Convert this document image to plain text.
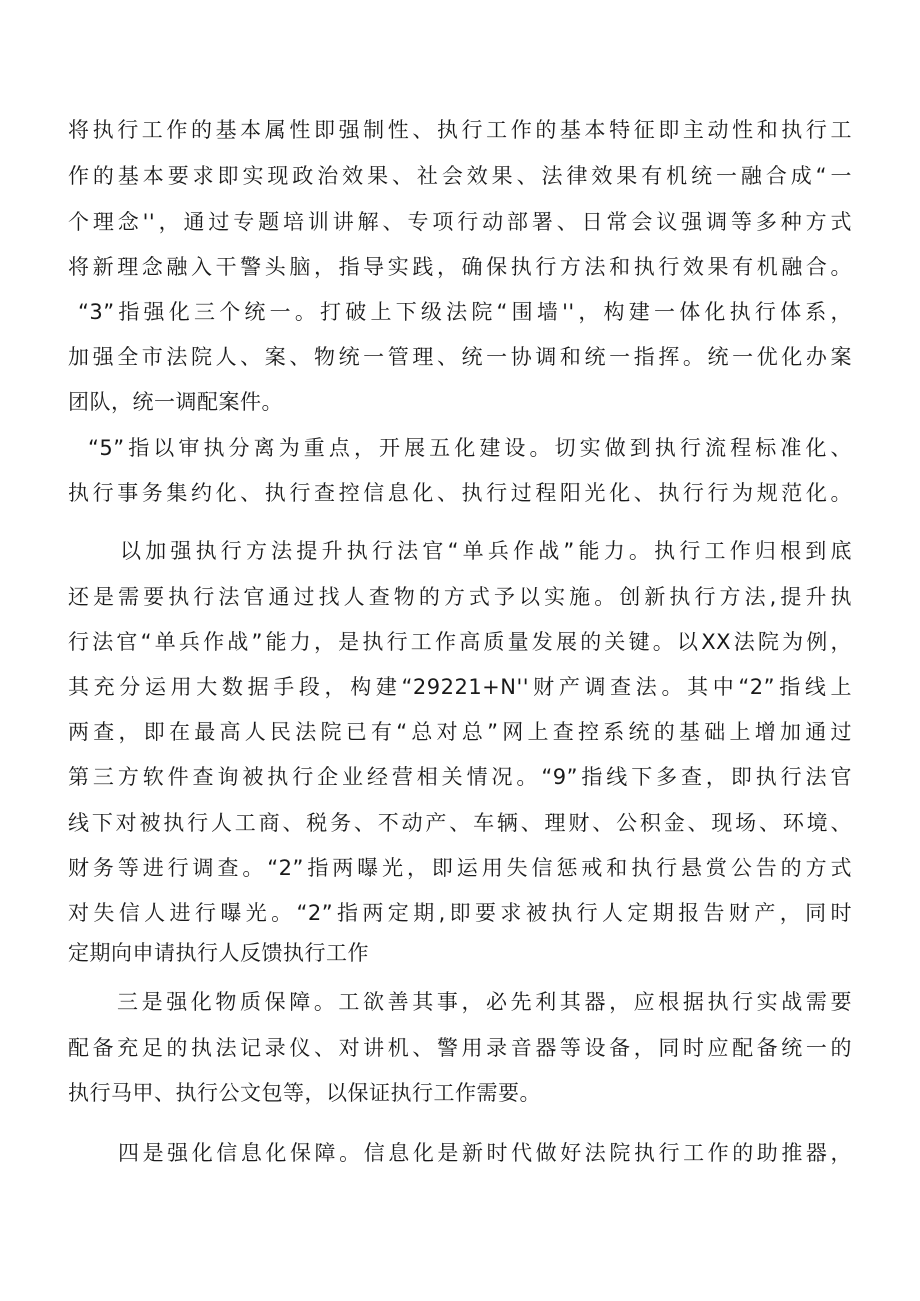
将执行工作的基本属性即强制性、执行工作的基本特征即主动性和执行工
作的基本要求即实现政治效果、社会效果、法律效果有机统一融合成“一
个理念''，通过专题培训讲解、专项行动部署、日常会议强调等多种方式
将新理念融入干警头脑，指导实践，确保执行方法和执行效果有机融合。
“3”指强化三个统一。打破上下级法院“围墙''，构建一体化执行体系，
加强全市法院人、案、物统一管理、统一协调和统一指挥。统一优化办案
团队，统一调配案件。
“5”指以审执分离为重点，开展五化建设。切实做到执行流程标准化、
执行事务集约化、执行查控信息化、执行过程阳光化、执行行为规范化。
以加强执行方法提升执行法官“单兵作战”能力。执行工作归根到底
还是需要执行法官通过找人查物的方式予以实施。创新执行方法,提升执
行法官“单兵作战”能力，是执行工作高质量发展的关键。以XX法院为例，
其充分运用大数据手段，构建“29221+N''财产调查法。其中“2”指线上
两查，即在最高人民法院已有“总对总”网上查控系统的基础上增加通过
第三方软件查询被执行企业经营相关情况。“9”指线下多查，即执行法官
线下对被执行人工商、税务、不动产、车辆、理财、公积金、现场、环境、
财务等进行调查。“2”指两曝光，即运用失信惩戒和执行悬赏公告的方式
对失信人进行曝光。“2”指两定期,即要求被执行人定期报告财产，同时
定期向申请执行人反馈执行工作
三是强化物质保障。工欲善其事，必先利其器，应根据执行实战需要
配备充足的执法记录仪、对讲机、警用录音器等设备，同时应配备统一的
执行马甲、执行公文包等，以保证执行工作需要。
四是强化信息化保障。信息化是新时代做好法院执行工作的助推器，
